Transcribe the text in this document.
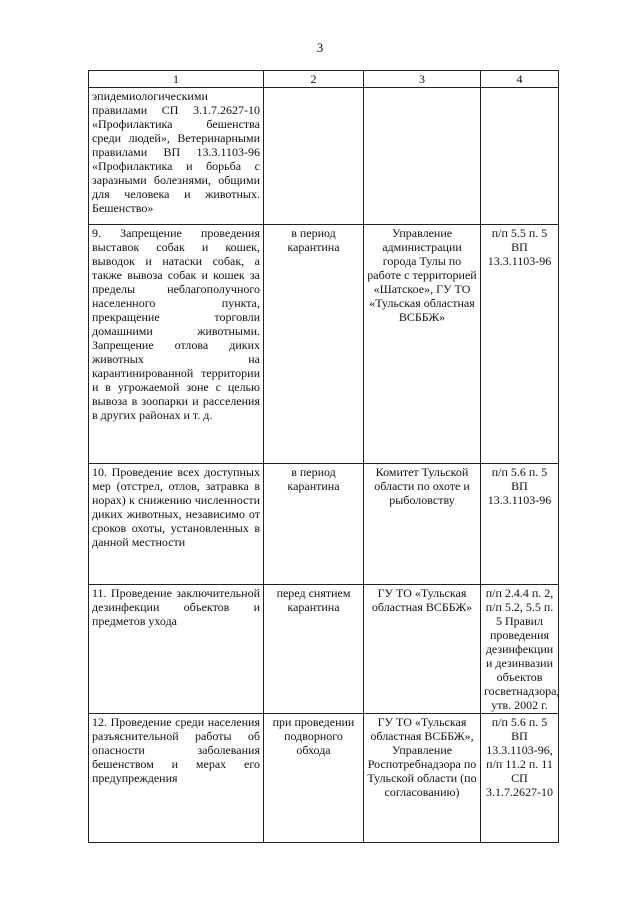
3
1	2	3	4
эпидемиологическими правилами СП 3.1.7.2627-10 «Профилактика бешенства среди людей», Ветеринарными правилами ВП 13.3.1103-96 «Профилактика и борьба с заразными болезнями, общими для человека и животных. Бешенство»			
9. Запрещение проведения выставок собак и кошек, выводок и натаски собак, а также вывоза собак и кошек за пределы неблагополучного населенного пункта, прекращение торговли домашними животными. Запрещение отлова диких животных на карантинированной территории и в угрожаемой зоне с целью вывоза в зоопарки и расселения в других районах и т. д.	в период карантина	Управление администрации города Тулы по работе с территорией «Шатское», ГУ ТО «Тульская областная ВСББЖ»	п/п 5.5 п. 5 ВП 13.3.1103-96
10. Проведение всех доступных мер (отстрел, отлов, затравка в норах) к снижению численности диких животных, независимо от сроков охоты, установленных в данной местности	в период карантина	Комитет Тульской области по охоте и рыболовству	п/п 5.6 п. 5 ВП 13.3.1103-96
11. Проведение заключительной дезинфекции объектов и предметов ухода	перед снятием карантина	ГУ ТО «Тульская областная ВСББЖ»	п/п 2.4.4 п. 2, п/п 5.2, 5.5 п. 5 Правил проведения дезинфекции и дезинвазии объектов госветнадзора, утв. 2002 г.
12. Проведение среди населения разъяснительной работы об опасности заболевания бешенством и мерах его предупреждения	при проведении подворного обхода	ГУ ТО «Тульская областная ВСББЖ», Управление Роспотребнадзора по Тульской области (по согласованию)	п/п 5.6 п. 5 ВП 13.3.1103-96, п/п 11.2 п. 11 СП 3.1.7.2627-10
